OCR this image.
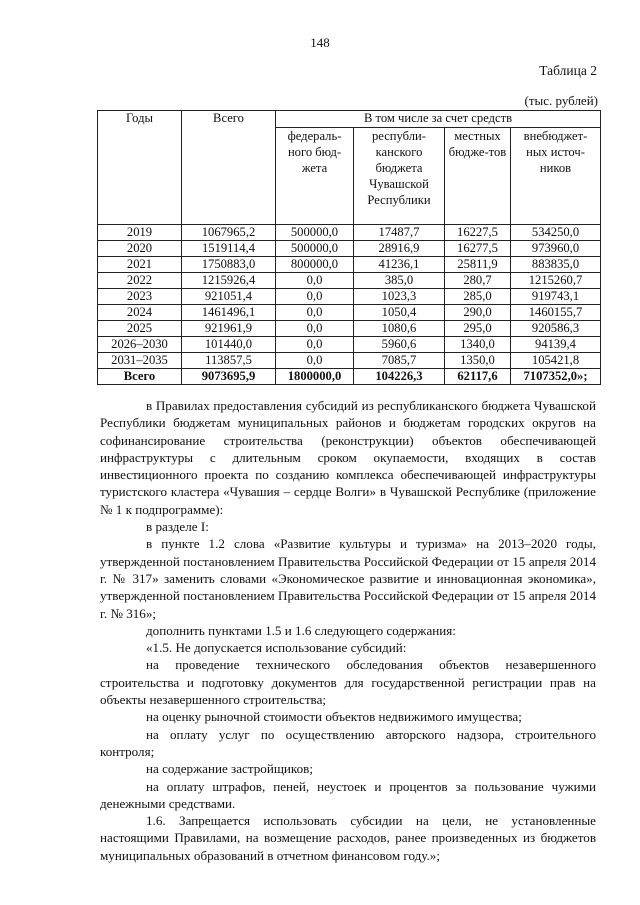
148
Таблица 2
(тыс. рублей)
Годы	Всего	В том числе за счет средств			
		федераль-ного бюд-жета	республи-канского бюджета Чувашской Республики	местных бюдже-тов	внебюджет-ных источ-ников
2019	1067965,2	500000,0	17487,7	16227,5	534250,0
2020	1519114,4	500000,0	28916,9	16277,5	973960,0
2021	1750883,0	800000,0	41236,1	25811,9	883835,0
2022	1215926,4	0,0	385,0	280,7	1215260,7
2023	921051,4	0,0	1023,3	285,0	919743,1
2024	1461496,1	0,0	1050,4	290,0	1460155,7
2025	921961,9	0,0	1080,6	295,0	920586,3
2026–2030	101440,0	0,0	5960,6	1340,0	94139,4
2031–2035	113857,5	0,0	7085,7	1350,0	105421,8
Всего	9073695,9	1800000,0	104226,3	62117,6	7107352,0»;

в Правилах предоставления субсидий из республиканского бюджета Чувашской Республики бюджетам муниципальных районов и бюджетам городских округов на софинансирование строительства (реконструкции) объектов обеспечивающей инфраструктуры с длительным сроком окупаемости, входящих в состав инвестиционного проекта по созданию комплекса обеспечивающей инфраструктуры туристского кластера «Чувашия – сердце Волги» в Чувашской Республике (приложение № 1 к подпрограмме):

в разделе I:

в пункте 1.2 слова «Развитие культуры и туризма» на 2013–2020 годы, утвержденной постановлением Правительства Российской Федерации от 15 апреля 2014 г. № 317» заменить словами «Экономическое развитие и инновационная экономика», утвержденной постановлением Правительства Российской Федерации от 15 апреля 2014 г. № 316»;

дополнить пунктами 1.5 и 1.6 следующего содержания:

«1.5. Не допускается использование субсидий:

на проведение технического обследования объектов незавершенного строительства и подготовку документов для государственной регистрации прав на объекты незавершенного строительства;

на оценку рыночной стоимости объектов недвижимого имущества;

на оплату услуг по осуществлению авторского надзора, строительного контроля;

на содержание застройщиков;

на оплату штрафов, пеней, неустоек и процентов за пользование чужими денежными средствами.

1.6. Запрещается использовать субсидии на цели, не установленные настоящими Правилами, на возмещение расходов, ранее произведенных из бюджетов муниципальных образований в отчетном финансовом году.»;
